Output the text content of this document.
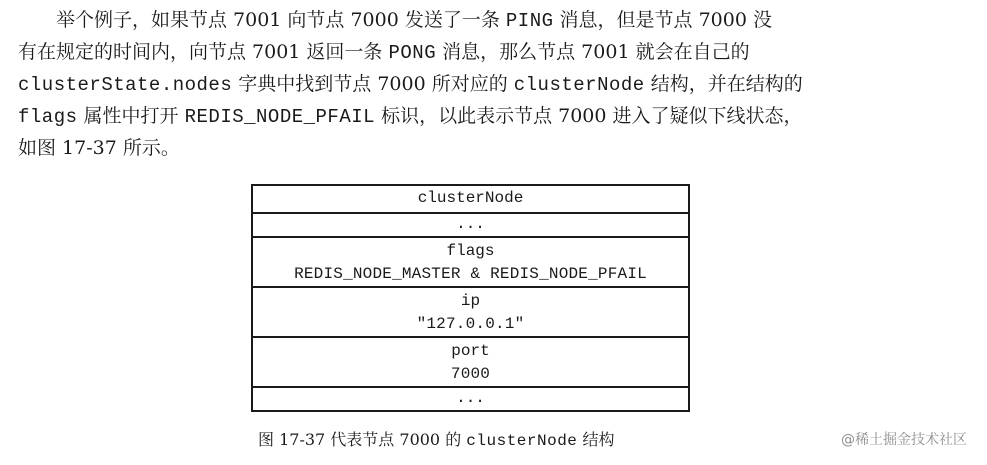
举个例子，如果节点 7001 向节点 7000 发送了一条 PING 消息，但是节点 7000 没
有在规定的时间内，向节点 7001 返回一条 PONG 消息，那么节点 7001 就会在自己的
clusterState.nodes 字典中找到节点 7000 所对应的 clusterNode 结构，并在结构的
flags 属性中打开 REDIS_NODE_PFAIL 标识，以此表示节点 7000 进入了疑似下线状态，
如图 17-37 所示。
clusterNode
...
flags
REDIS_NODE_MASTER & REDIS_NODE_PFAIL
ip
"127.0.0.1"
port
7000
...
图 17-37 代表节点 7000 的 clusterNode 结构	@稀土掘金技术社区
